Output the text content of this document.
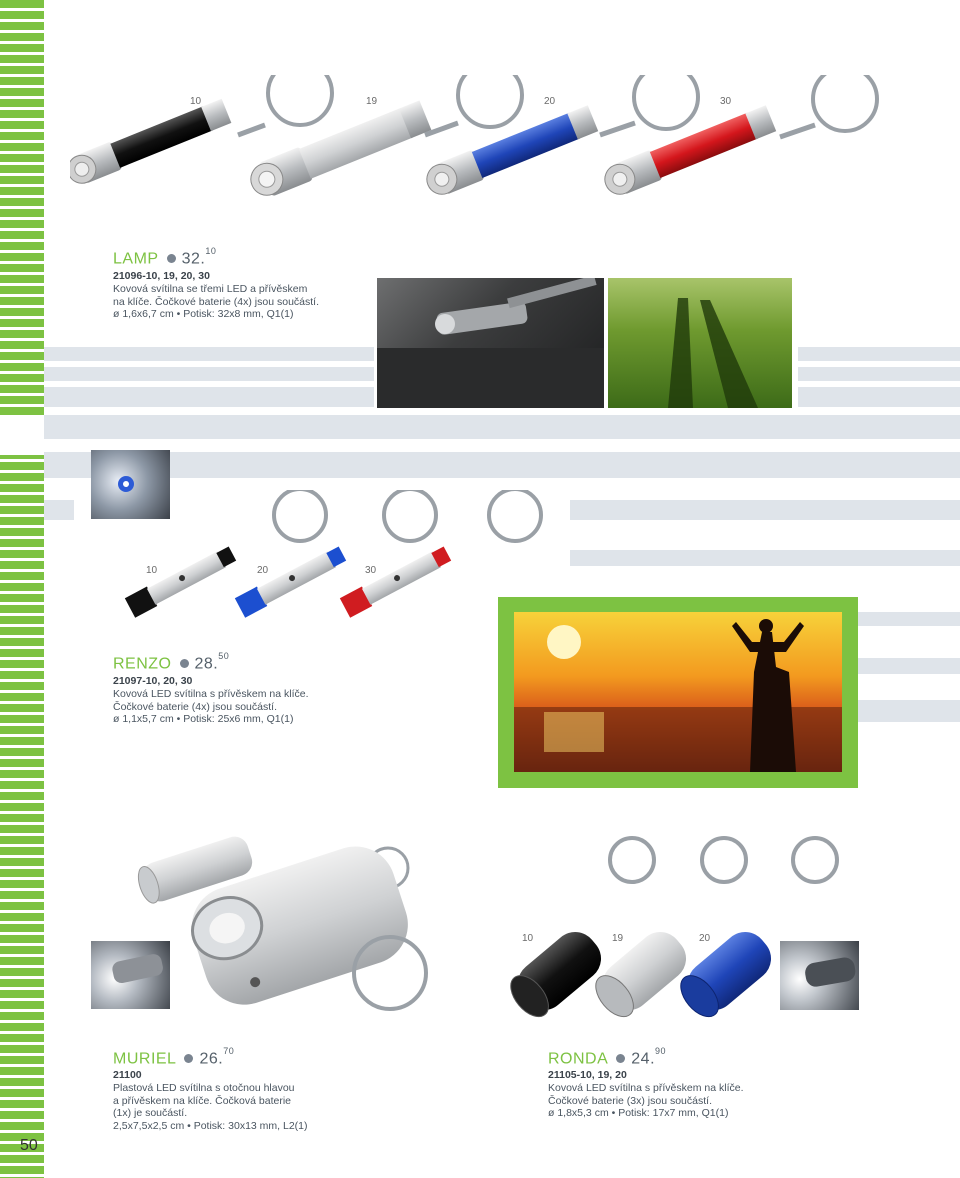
10	19	20	30
LAMP 32.10
21096-10, 19, 20, 30
Kovová svítilna se třemi LED a přívěskem
na klíče. Čočkové baterie (4x) jsou součástí.
ø 1,6x6,7 cm • Potisk: 32x8 mm, Q1(1)
10	20	30
RENZO 28.50
21097-10, 20, 30
Kovová LED svítilna s přívěskem na klíče.
Čočkové baterie (4x) jsou součástí.
ø 1,1x5,7 cm • Potisk: 25x6 mm, Q1(1)
MURIEL 26.70
21100
Plastová LED svítilna s otočnou hlavou
a přívěskem na klíče. Čočková baterie
(1x) je součástí.
2,5x7,5x2,5 cm • Potisk: 30x13 mm, L2(1)
10	19	20
RONDA 24.90
21105-10, 19, 20
Kovová LED svítilna s přívěskem na klíče.
Čočkové baterie (3x) jsou součástí.
ø 1,8x5,3 cm • Potisk: 17x7 mm, Q1(1)
50
